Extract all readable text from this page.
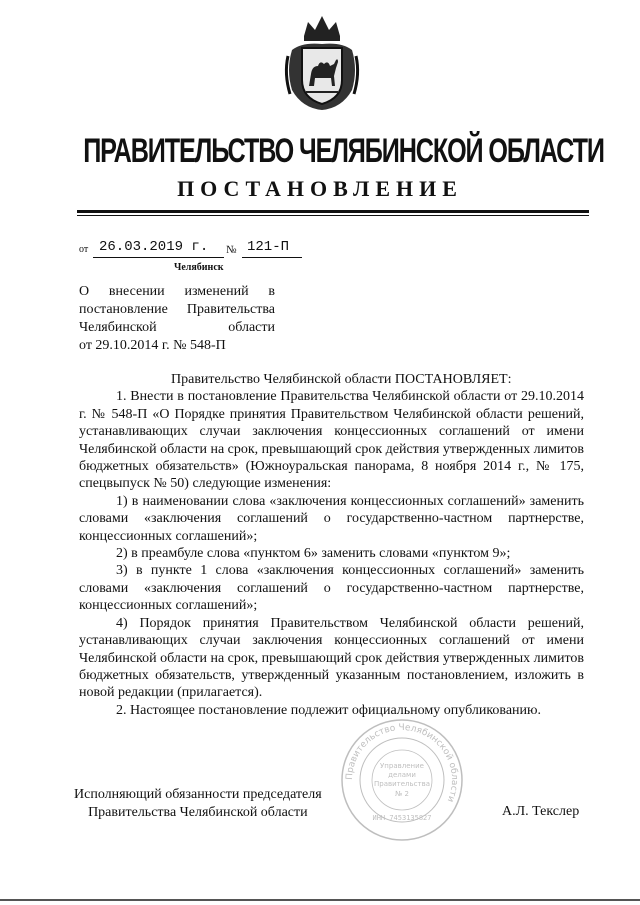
ПРАВИТЕЛЬСТВО ЧЕЛЯБИНСКОЙ ОБЛАСТИ
ПОСТАНОВЛЕНИЕ
от 26.03.2019 г. № 121-П
Челябинск
О внесении изменений в
постановление Правительства
Челябинской области
от 29.10.2014 г. № 548-П

Правительство Челябинской области ПОСТАНОВЛЯЕТ:

1. Внести в постановление Правительства Челябинской области от 29.10.2014 г. № 548-П «О Порядке принятия Правительством Челябинской области решений, устанавливающих случаи заключения концессионных соглашений от имени Челябинской области на срок, превышающий срок действия утвержденных лимитов бюджетных обязательств» (Южноуральская панорама, 8 ноября 2014 г., № 175, спецвыпуск № 50) следующие изменения:

1) в наименовании слова «заключения концессионных соглашений» заменить словами «заключения соглашений о государственно-частном партнерстве, концессионных соглашений»;

2) в преамбуле слова «пунктом 6» заменить словами «пунктом 9»;

3) в пункте 1 слова «заключения концессионных соглашений» заменить словами «заключения соглашений о государственно-частном партнерстве, концессионных соглашений»;

4) Порядок принятия Правительством Челябинской области решений, устанавливающих случаи заключения концессионных соглашений от имени Челябинской области на срок, превышающий срок действия утвержденных лимитов бюджетных обязательств, утвержденный указанным постановлением, изложить в новой редакции (прилагается).

2. Настоящее постановление подлежит официальному опубликованию.

Правительство Челябинской области
ИНН 7453135827
Управление
делами
Правительства
№ 2
Исполняющий обязанности председателя
Правительства Челябинской области	А.Л. Текслер
